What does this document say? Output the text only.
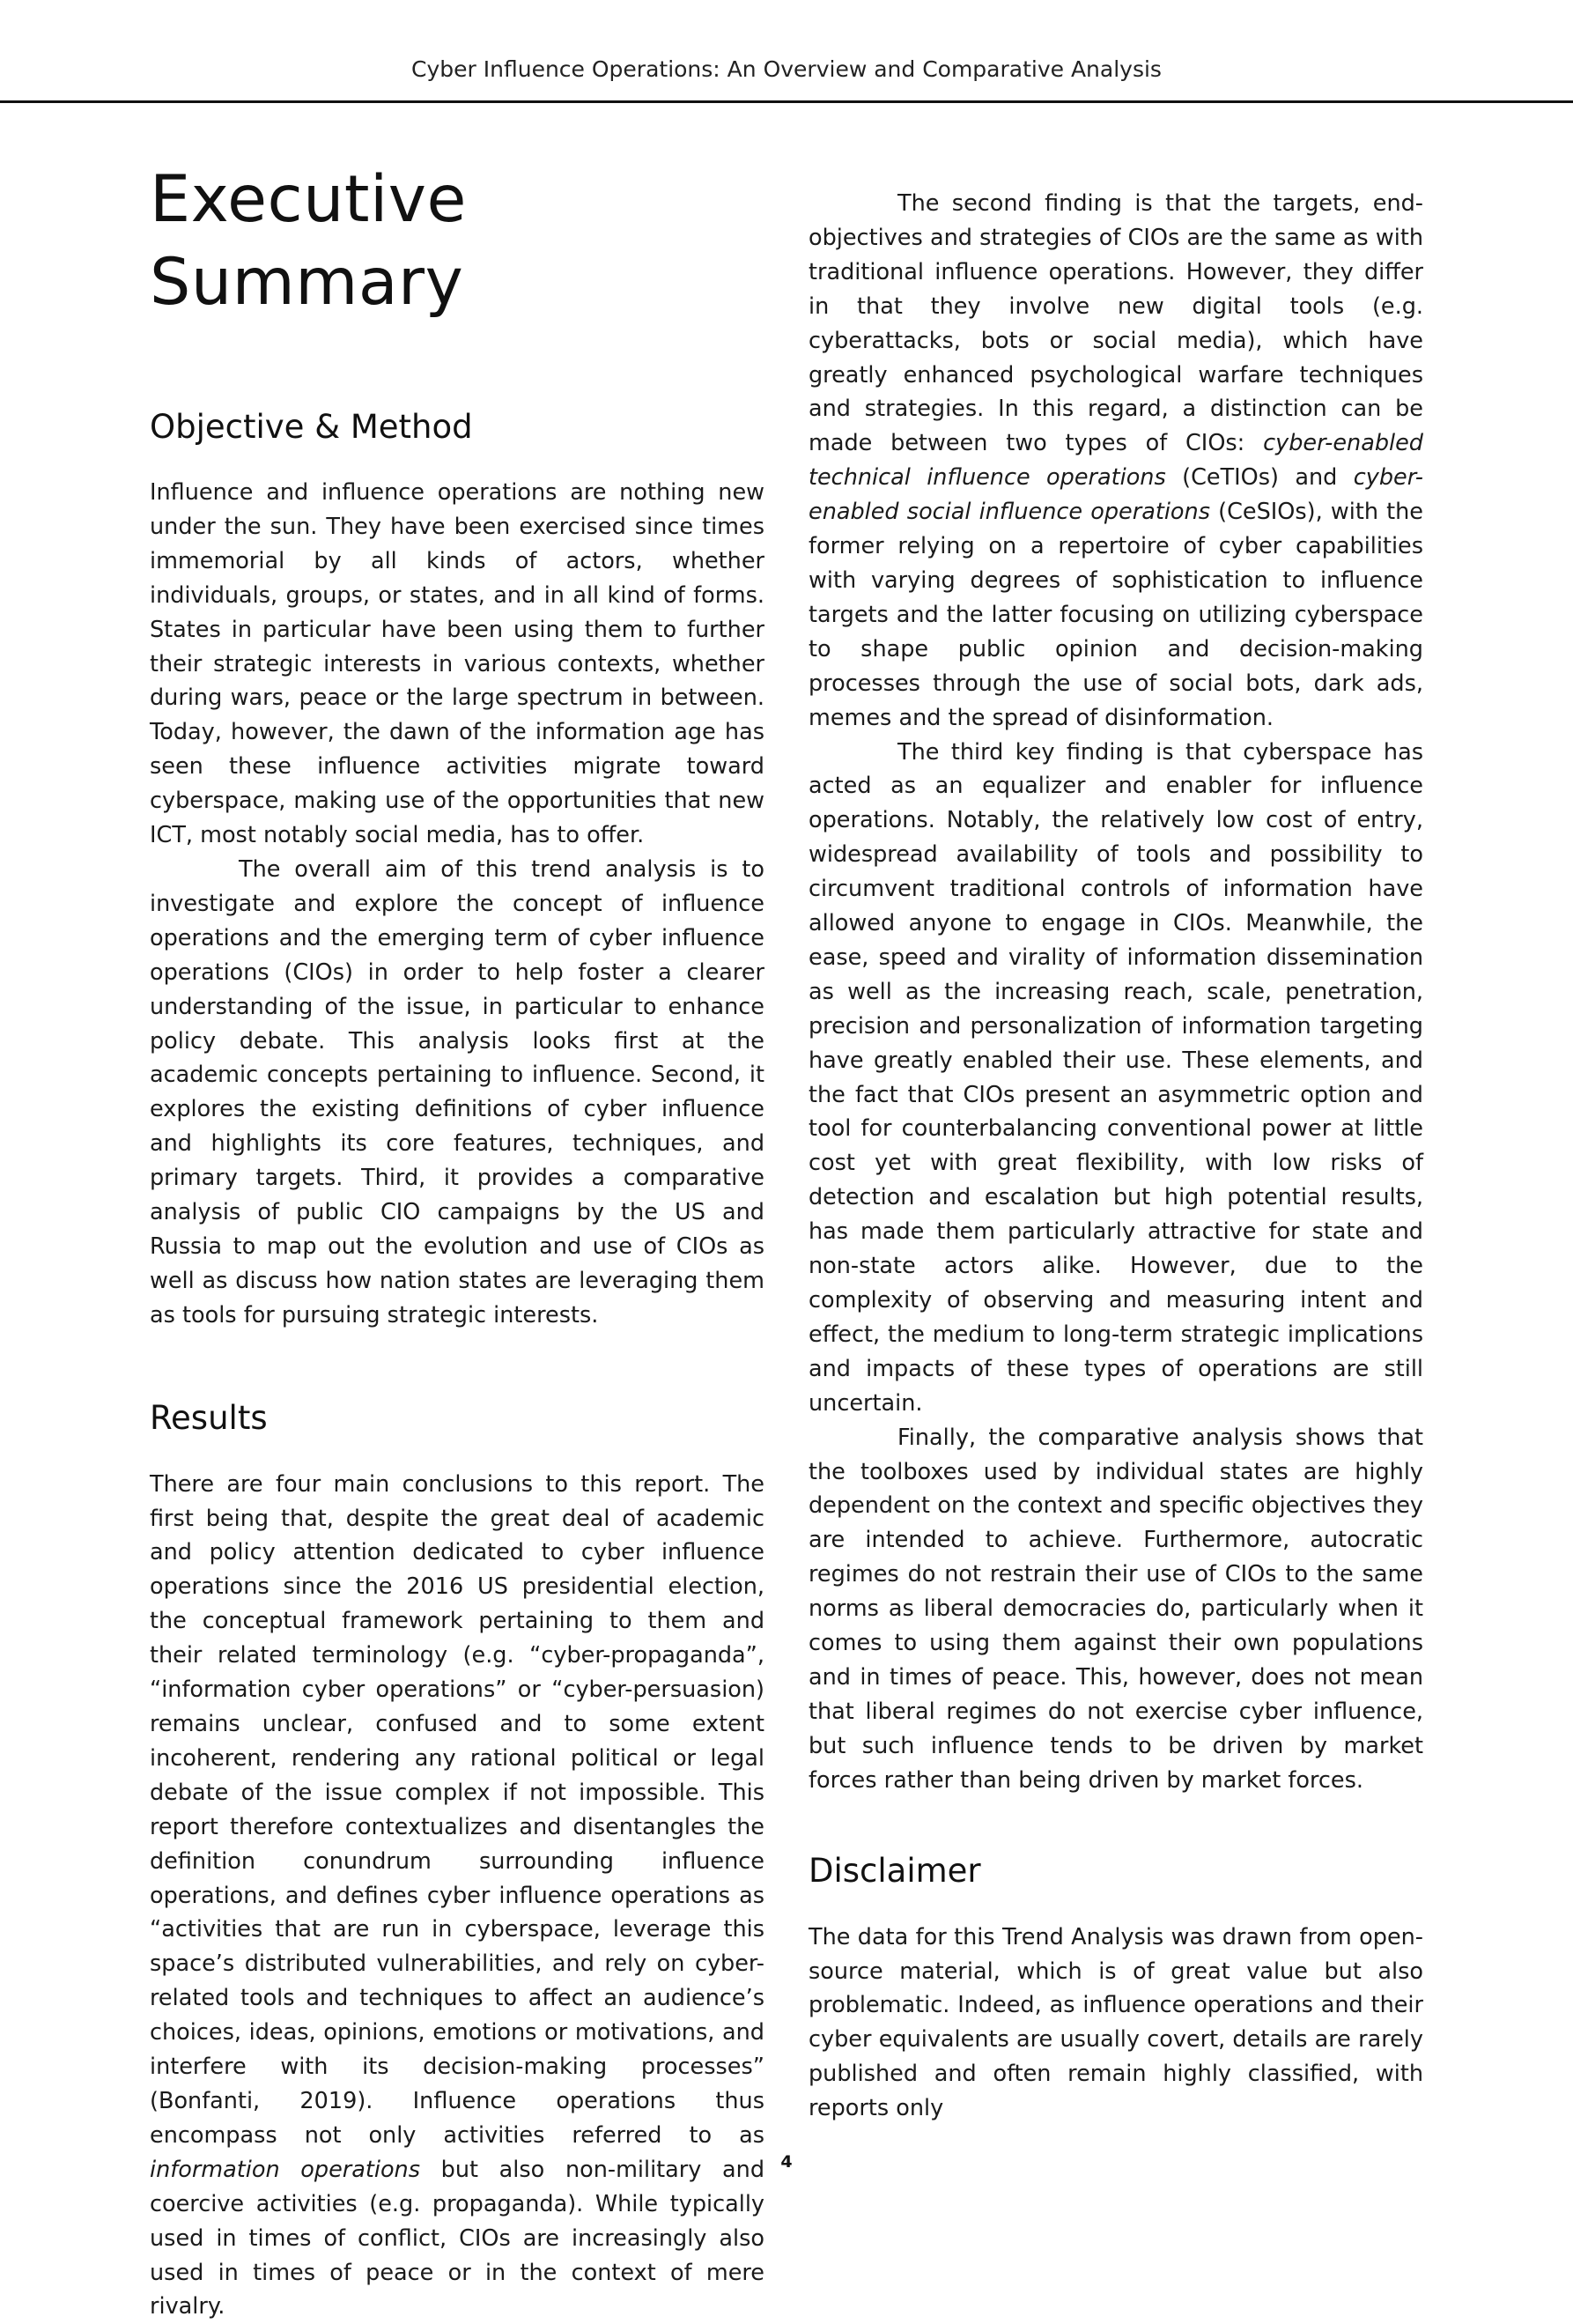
Cyber Influence Operations: An Overview and Comparative Analysis
Executive Summary
Objective & Method

Influence and influence operations are nothing new under the sun. They have been exercised since times immemorial by all kinds of actors, whether individuals, groups, or states, and in all kind of forms. States in particular have been using them to further their strategic interests in various contexts, whether during wars, peace or the large spectrum in between. Today, however, the dawn of the information age has seen these influence activities migrate toward cyberspace, making use of the opportunities that new ICT, most notably social media, has to offer.

The overall aim of this trend analysis is to investigate and explore the concept of influence operations and the emerging term of cyber influence operations (CIOs) in order to help foster a clearer understanding of the issue, in particular to enhance policy debate. This analysis looks first at the academic concepts pertaining to influence. Second, it explores the existing definitions of cyber influence and highlights its core features, techniques, and primary targets. Third, it provides a comparative analysis of public CIO campaigns by the US and Russia to map out the evolution and use of CIOs as well as discuss how nation states are leveraging them as tools for pursuing strategic interests.

Results

There are four main conclusions to this report. The first being that, despite the great deal of academic and policy attention dedicated to cyber influence operations since the 2016 US presidential election, the conceptual framework pertaining to them and their related terminology (e.g. “cyber-propaganda”, “information cyber operations” or “cyber-persuasion) remains unclear, confused and to some extent incoherent, rendering any rational political or legal debate of the issue complex if not impossible. This report therefore contextualizes and disentangles the definition conundrum surrounding influence operations, and defines cyber influence operations as “activities that are run in cyberspace, leverage this space’s distributed vulnerabilities, and rely on cyber-related tools and techniques to affect an audience’s choices, ideas, opinions, emotions or motivations, and interfere with its decision-making processes” (Bonfanti, 2019). Influence operations thus encompass not only activities referred to as information operations but also non-military and coercive activities (e.g. propaganda). While typically used in times of conflict, CIOs are increasingly also used in times of peace or in the context of mere rivalry.

The second finding is that the targets, end-objectives and strategies of CIOs are the same as with traditional influence operations. However, they differ in that they involve new digital tools (e.g. cyberattacks, bots or social media), which have greatly enhanced psychological warfare techniques and strategies. In this regard, a distinction can be made between two types of CIOs: cyber-enabled technical influence operations (CeTIOs) and cyber-enabled social influence operations (CeSIOs), with the former relying on a repertoire of cyber capabilities with varying degrees of sophistication to influence targets and the latter focusing on utilizing cyberspace to shape public opinion and decision-making processes through the use of social bots, dark ads, memes and the spread of disinformation.

The third key finding is that cyberspace has acted as an equalizer and enabler for influence operations. Notably, the relatively low cost of entry, widespread availability of tools and possibility to circumvent traditional controls of information have allowed anyone to engage in CIOs. Meanwhile, the ease, speed and virality of information dissemination as well as the increasing reach, scale, penetration, precision and personalization of information targeting have greatly enabled their use. These elements, and the fact that CIOs present an asymmetric option and tool for counterbalancing conventional power at little cost yet with great flexibility, with low risks of detection and escalation but high potential results, has made them particularly attractive for state and non-state actors alike. However, due to the complexity of observing and measuring intent and effect, the medium to long-term strategic implications and impacts of these types of operations are still uncertain.

Finally, the comparative analysis shows that the toolboxes used by individual states are highly dependent on the context and specific objectives they are intended to achieve. Furthermore, autocratic regimes do not restrain their use of CIOs to the same norms as liberal democracies do, particularly when it comes to using them against their own populations and in times of peace. This, however, does not mean that liberal regimes do not exercise cyber influence, but such influence tends to be driven by market forces rather than being driven by market forces.

Disclaimer

The data for this Trend Analysis was drawn from open-source material, which is of great value but also problematic. Indeed, as influence operations and their cyber equivalents are usually covert, details are rarely published and often remain highly classified, with reports only

4
